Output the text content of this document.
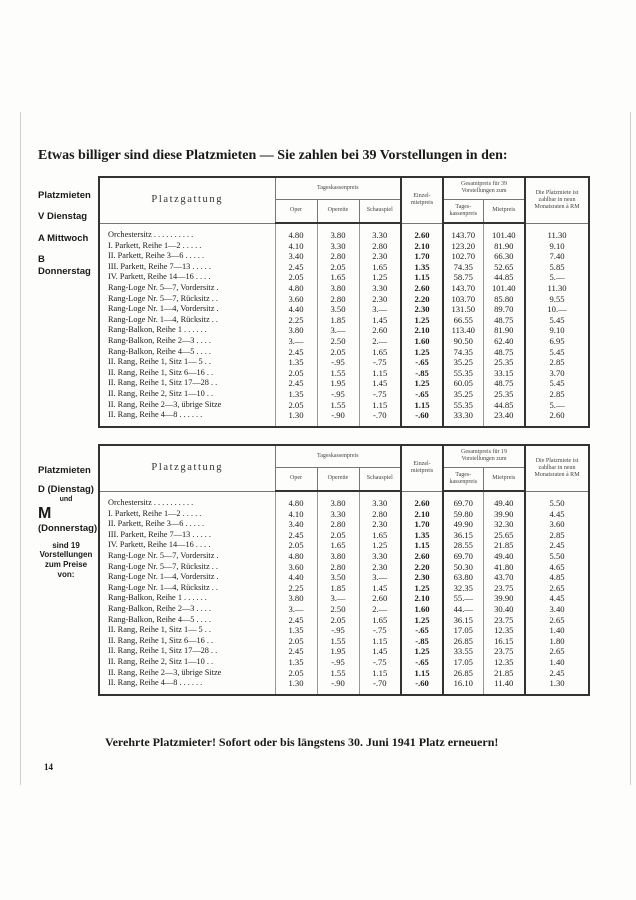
Etwas billiger sind diese Platzmieten — Sie zahlen bei 39 Vorstellungen in den:
Platzmieten
V Dienstag
A Mittwoch
B Donnerstag
Platzmieten
D (Dienstag)
und
M
(Donnerstag)
sind 19 Vorstellungen zum Preise von:
Platzgattung	Tageskassenpreis			Einzel-mietpreis	Gesamtpreis für 39 Vorstellungen zum		Die Platzmiete ist zahlbar in neun Monatsraten à RM
	Oper	Operette	Schauspiel		Tages-kassenpreis	Mietpreis	
Orchestersitz . . . . . . . . . .	4.80	3.80	3.30	2.60	143.70	101.40	11.30
I. Parkett, Reihe 1—2 . . . . .	4.10	3.30	2.80	2.10	123.20	81.90	9.10
II. Parkett, Reihe 3—6 . . . . .	3.40	2.80	2.30	1.70	102.70	66.30	7.40
III. Parkett, Reihe 7—13 . . . . .	2.45	2.05	1.65	1.35	74.35	52.65	5.85
IV. Parkett, Reihe 14—16 . . . .	2.05	1.65	1.25	1.15	58.75	44.85	5.—
Rang-Loge Nr. 5—7, Vordersitz .	4.80	3.80	3.30	2.60	143.70	101.40	11.30
Rang-Loge Nr. 5—7, Rücksitz . .	3.60	2.80	2.30	2.20	103.70	85.80	9.55
Rang-Loge Nr. 1—4, Vordersitz .	4.40	3.50	3.—	2.30	131.50	89.70	10.—
Rang-Loge Nr. 1—4, Rücksitz . .	2.25	1.85	1.45	1.25	66.55	48.75	5.45
Rang-Balkon, Reihe 1 . . . . . .	3.80	3.—	2.60	2.10	113.40	81.90	9.10
Rang-Balkon, Reihe 2—3 . . . .	3.—	2.50	2.—	1.60	90.50	62.40	6.95
Rang-Balkon, Reihe 4—5 . . . .	2.45	2.05	1.65	1.25	74.35	48.75	5.45
II. Rang, Reihe 1, Sitz 1— 5 . .	1.35	-.95	-.75	-.65	35.25	25.35	2.85
II. Rang, Reihe 1, Sitz 6—16 . .	2.05	1.55	1.15	-.85	55.35	33.15	3.70
II. Rang, Reihe 1, Sitz 17—28 . .	2.45	1.95	1.45	1.25	60.05	48.75	5.45
II. Rang, Reihe 2, Sitz 1—10 . .	1.35	-.95	-.75	-.65	35.25	25.35	2.85
II. Rang, Reihe 2—3, übrige Sitze	2.05	1.55	1.15	1.15	55.35	44.85	5.—
II. Rang, Reihe 4—8 . . . . . .	1.30	-.90	-.70	-.60	33.30	23.40	2.60
Platzgattung	Tageskassenpreis			Einzel-mietpreis	Gesamtpreis für 19 Vorstellungen zum		Die Platzmiete ist zahlbar in neun Monatsraten à RM
	Oper	Operette	Schauspiel		Tages-kassenpreis	Mietpreis	
Orchestersitz . . . . . . . . . .	4.80	3.80	3.30	2.60	69.70	49.40	5.50
I. Parkett, Reihe 1—2 . . . . .	4.10	3.30	2.80	2.10	59.80	39.90	4.45
II. Parkett, Reihe 3—6 . . . . .	3.40	2.80	2.30	1.70	49.90	32.30	3.60
III. Parkett, Reihe 7—13 . . . . .	2.45	2.05	1.65	1.35	36.15	25.65	2.85
IV. Parkett, Reihe 14—16 . . . .	2.05	1.65	1.25	1.15	28.55	21.85	2.45
Rang-Loge Nr. 5—7, Vordersitz .	4.80	3.80	3.30	2.60	69.70	49.40	5.50
Rang-Loge Nr. 5—7, Rücksitz . .	3.60	2.80	2.30	2.20	50.30	41.80	4.65
Rang-Loge Nr. 1—4, Vordersitz .	4.40	3.50	3.—	2.30	63.80	43.70	4.85
Rang-Loge Nr. 1—4, Rücksitz . .	2.25	1.85	1.45	1.25	32.35	23.75	2.65
Rang-Balkon, Reihe 1 . . . . . .	3.80	3.—	2.60	2.10	55.—	39.90	4.45
Rang-Balkon, Reihe 2—3 . . . .	3.—	2.50	2.—	1.60	44.—	30.40	3.40
Rang-Balkon, Reihe 4—5 . . . .	2.45	2.05	1.65	1.25	36.15	23.75	2.65
II. Rang, Reihe 1, Sitz 1— 5 . .	1.35	-.95	-.75	-.65	17.05	12.35	1.40
II. Rang, Reihe 1, Sitz 6—16 . .	2.05	1.55	1.15	-.85	26.85	16.15	1.80
II. Rang, Reihe 1, Sitz 17—28 . .	2.45	1.95	1.45	1.25	33.55	23.75	2.65
II. Rang, Reihe 2, Sitz 1—10 . .	1.35	-.95	-.75	-.65	17.05	12.35	1.40
II. Rang, Reihe 2—3, übrige Sitze	2.05	1.55	1.15	1.15	26.85	21.85	2.45
II. Rang, Reihe 4—8 . . . . . .	1.30	-.90	-.70	-.60	16.10	11.40	1.30
Verehrte Platzmieter! Sofort oder bis längstens 30. Juni 1941 Platz erneuern!
14
